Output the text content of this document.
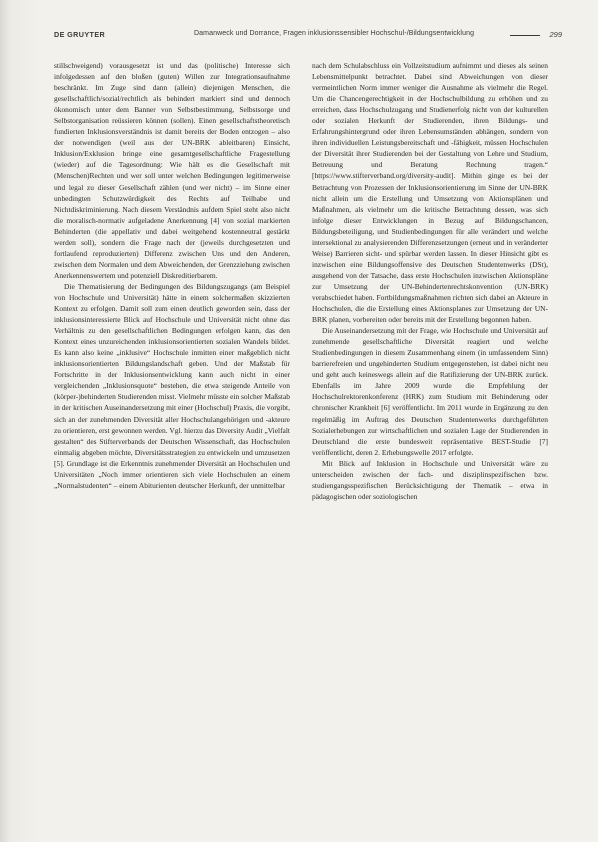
DE GRUYTER	Damanweck und Dorrance, Fragen inklusionssensibler Hochschul-/Bildungsentwicklung	299

stillschweigend) vorausgesetzt ist und das (politische) Interesse sich infolgedessen auf den bloßen (guten) Willen zur Integrationsaufnahme beschränkt. Im Zuge sind dann (allein) diejenigen Menschen, die gesellschaftlich/sozial/rechtlich als behindert markiert sind und dennoch ökonomisch unter dem Banner von Selbstbestimmung, Selbstsorge und Selbstorganisation reüssieren können (sollen). Einen gesellschaftstheoretisch fundierten Inklusionsverständnis ist damit bereits der Boden entzogen – also der notwendigen (weil aus der UN-BRK ableitbaren) Einsicht, Inklusion/Exklusion bringe eine gesamtgesellschaftliche Fragestellung (wieder) auf die Tagesordnung: Wie hält es die Gesellschaft mit (Menschen)Rechten und wer soll unter welchen Bedingungen legitimerweise und legal zu dieser Gesellschaft zählen (und wer nicht) – im Sinne einer unbedingten Schutzwürdigkeit des Rechts auf Teilhabe und Nichtdiskriminierung. Nach diesem Verständnis aufdem Spiel steht also nicht die moralisch-normativ aufgeladene Anerkennung [4] von sozial markierten Behinderten (die appellativ und dabei weitgehend kostenneutral gestärkt werden soll), sondern die Frage nach der (jeweils durchgesetzten und fortlaufend reproduzierten) Differenz zwischen Uns und den Anderen, zwischen dem Normalen und dem Abweichenden, der Grenzziehung zwischen Anerkennenswertem und potenziell Diskreditierbarem.

Die Thematisierung der Bedingungen des Bildungszugangs (am Beispiel von Hochschule und Universität) hätte in einem solchermaßen skizzierten Kontext zu erfolgen. Damit soll zum einen deutlich geworden sein, dass der inklusionsinteressierte Blick auf Hochschule und Universität nicht ohne das Verhältnis zu den gesellschaftlichen Bedingungen erfolgen kann, das den Kontext eines unzureichenden inklusionsorientierten sozialen Wandels bildet. Es kann also keine „inklusive“ Hochschule inmitten einer maßgeblich nicht inklusionsorientierten Bildungslandschaft geben. Und der Maßstab für Fortschritte in der Inklusionsentwicklung kann auch nicht in einer vergleichenden „Inklusionsquote“ bestehen, die etwa steigende Anteile von (körper-)behinderten Studierenden misst. Vielmehr müsste ein solcher Maßstab in der kritischen Auseinandersetzung mit einer (Hochschul) Praxis, die vorgibt, sich an der zunehmenden Diversität aller Hochschulangehörigen und -akteure zu orientieren, erst gewonnen werden. Vgl. hierzu das Diversity Audit „Vielfalt gestalten“ des Stifterverbands der Deutschen Wissenschaft, das Hochschulen einmalig abgeben möchte, Diversitätsstrategien zu entwickeln und umzusetzen [5]. Grundlage ist die Erkenntnis zunehmender Diversität an Hochschulen und Universitäten „Noch immer orientieren sich viele Hochschulen an einem „Normalstudenten“ – einem Abiturienten deutscher Herkunft, der unmittelbar

nach dem Schulabschluss ein Vollzeitstudium aufnimmt und dieses als seinen Lebensmittelpunkt betrachtet. Dabei sind Abweichungen von dieser vermeintlichen Norm immer weniger die Ausnahme als vielmehr die Regel. Um die Chancengerechtigkeit in der Hochschulbildung zu erhöhen und zu erreichen, dass Hochschulzugang und Studienerfolg nicht von der kulturellen oder sozialen Herkunft der Studierenden, ihren Bildungs- und Erfahrungshintergrund oder ihren Lebensumständen abhängen, sondern von ihren individuellen Leistungsbereitschaft und -fähigkeit, müssen Hochschulen der Diversität ihrer Studierenden bei der Gestaltung von Lehre und Studium, Betreuung und Beratung Rechnung tragen.“ [https://www.stifterverband.org/diversity-audit]. Mithin ginge es bei der Betrachtung von Prozessen der Inklusionsorientierung im Sinne der UN-BRK nicht allein um die Erstellung und Umsetzung von Aktionsplänen und Maßnahmen, als vielmehr um die kritische Betrachtung dessen, was sich infolge dieser Entwicklungen in Bezug auf Bildungschancen, Bildungsbeteiligung, und Studienbedingungen für alle verändert und welche intersektional zu analysierenden Differenzsetzungen (erneut und in veränderter Weise) Barrieren sicht- und spürbar werden lassen. In dieser Hinsicht gibt es inzwischen eine Bildungsoffensive des Deutschen Studentenwerks (DSt), ausgehend von der Tatsache, dass erste Hochschulen inzwischen Aktionspläne zur Umsetzung der UN-Behindertenrechtskonvention (UN-BRK) verabschiedet haben. Fortbildungsmaßnahmen richten sich dabei an Akteure in Hochschulen, die die Erstellung eines Aktionsplanes zur Umsetzung der UN-BRK planen, vorbereiten oder bereits mit der Erstellung begonnen haben.

Die Auseinandersetzung mit der Frage, wie Hochschule und Universität auf zunehmende gesellschaftliche Diversität reagiert und welche Studienbedingungen in diesem Zusammenhang einem (in umfassendem Sinn) barrierefreien und ungehinderten Studium entgegenstehen, ist dabei nicht neu und geht auch keineswegs allein auf die Ratifizierung der UN-BRK zurück. Ebenfalls im Jahre 2009 wurde die Empfehlung der Hochschulrektorenkonferenz (HRK) zum Studium mit Behinderung oder chronischer Krankheit [6] veröffentlicht. Im 2011 wurde in Ergänzung zu den regelmäßig im Auftrag des Deutschen Studentenwerks durchgeführten Sozialerhebungen zur wirtschaftlichen und sozialen Lage der Studierenden in Deutschland die erste bundesweit repräsentative BEST-Studie [7] veröffentlicht, deren 2. Erhebungswelle 2017 erfolgte.

Mit Blick auf Inklusion in Hochschule und Universität wäre zu unterscheiden zwischen der fach- und disziplinspezifischen bzw. studiengangsspezifischen Berücksichtigung der Thematik – etwa in pädagogischen oder soziologischen
